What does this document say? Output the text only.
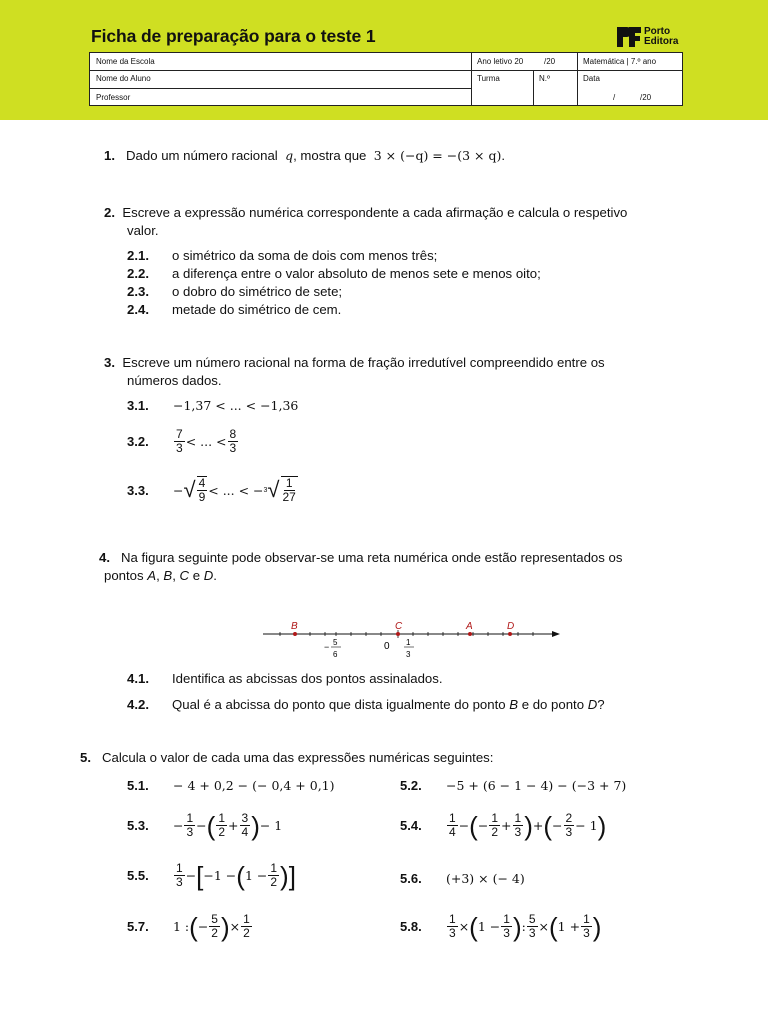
Ficha de preparação para o teste 1	Porto
Editora
Nome da Escola
Nome do Aluno
Professor
Ano letivo 20	/20	Matemática | 7.º ano
Turma	N.º	Data
/	/20
1. Dado um número racional q, mostra que 3 × (−q) = −(3 × q).
2. Escreve a expressão numérica correspondente a cada afirmação e calcula o respetivo
valor.
2.1. o simétrico da soma de dois com menos três;
2.2. a diferença entre o valor absoluto de menos sete e menos oito;
2.3. o dobro do simétrico de sete;
2.4. metade do simétrico de cem.
3. Escreve um número racional na forma de fração irredutível compreendido entre os
números dados.
3.1.	−1,37 < ... < −1,36
3.2.	$\frac{7}{3}$ < ... < $\frac{8}{3}$
3.3.	− √ $\frac{4}{9}$ < ... < − 3 √ $\frac{1}{27}$
4. Na figura seguinte pode observar-se uma reta numérica onde estão representados os
pontos A, B, C e D.
B	C	A	D
− 5
6
0 1
3
4.1. Identifica as abcissas dos pontos assinalados.
4.2. Qual é a abcissa do ponto que dista igualmente do ponto B e do ponto D?
5. Calcula o valor de cada uma das expressões numéricas seguintes:
5.1.	− 4 + 0,2 − (− 0,4 + 0,1)	5.2.	−5 + (6 − 1 − 4) − (−3 + 7)
5.3.	− $\frac{1}{3}$ − ( $\frac{1}{2} + \frac{3}{4}$ ) − 1	5.4.	$\frac{1}{4}$ − ( − $\frac{1}{2} + \frac{1}{3}$ ) + ( − $\frac{2}{3} - 1$ )
5.5.	$\frac{1}{3}$ − [ −1 − ( $1 - \frac{1}{2}$ ) ]	5.6.	(+3) × (− 4)
5.7.	1 : ( − $\frac{5}{2}$ ) × $\frac{1}{2}$	5.8.	$\frac{1}{3}$ × ( $1 - \frac{1}{3}$ ) : $\frac{5}{3}$ × ( $1 + \frac{1}{3}$ )
